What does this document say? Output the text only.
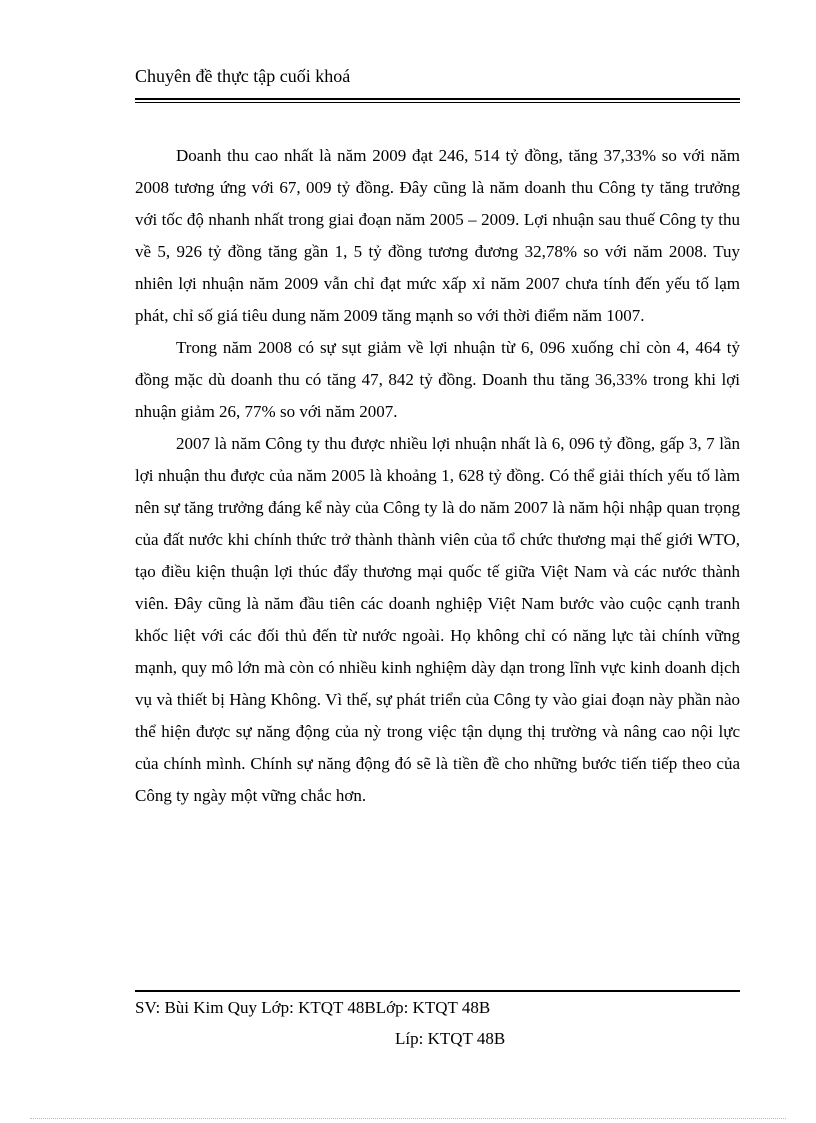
Chuyên đề thực tập cuối khoá

Doanh thu cao nhất là năm 2009 đạt 246, 514 tỷ đồng, tăng 37,33% so với năm 2008 tương ứng với 67, 009 tỷ đồng. Đây cũng là năm doanh thu Công ty tăng trưởng với tốc độ nhanh nhất trong giai đoạn năm 2005 – 2009. Lợi nhuận sau thuế Công ty thu về 5, 926 tỷ đồng tăng gần 1, 5 tỷ đồng tương đương 32,78% so với năm 2008. Tuy nhiên lợi nhuận năm 2009 vẫn chỉ đạt mức xấp xỉ năm 2007 chưa tính đến yếu tố lạm phát, chỉ số giá tiêu dung năm 2009 tăng mạnh so với thời điểm năm 1007.

Trong năm 2008 có sự sụt giảm về lợi nhuận từ 6, 096 xuống chỉ còn 4, 464 tỷ đồng mặc dù doanh thu có tăng 47, 842 tỷ đồng. Doanh thu tăng 36,33% trong khi lợi nhuận giảm 26, 77% so với năm 2007.

2007 là năm Công ty thu được nhiều lợi nhuận nhất là 6, 096 tỷ đồng, gấp 3, 7 lần lợi nhuận thu được của năm 2005 là khoảng 1, 628 tỷ đồng. Có thể giải thích yếu tố làm nên sự tăng trưởng đáng kể này của Công ty là do năm 2007 là năm hội nhập quan trọng của đất nước khi chính thức trở thành thành viên của tổ chức thương mại thế giới WTO, tạo điều kiện thuận lợi thúc đẩy thương mại quốc tế giữa Việt Nam và các nước thành viên. Đây cũng là năm đầu tiên các doanh nghiệp Việt Nam bước vào cuộc cạnh tranh khốc liệt với các đối thủ đến từ nước ngoài. Họ không chỉ có năng lực tài chính vững mạnh, quy mô lớn mà còn có nhiều kinh nghiệm dày dạn trong lĩnh vực kinh doanh dịch vụ và thiết bị Hàng Không. Vì thế, sự phát triển của Công ty vào giai đoạn này phần nào thể hiện được sự năng động của nỳ trong việc tận dụng thị trường và nâng cao nội lực của chính mình. Chính sự năng động đó sẽ là tiền đề cho những bước tiến tiếp theo của Công ty ngày một vững chắc hơn.

SV: Bùi Kim Quy Lớp: KTQT 48BLớp: KTQT 48B
Líp: KTQT 48B
